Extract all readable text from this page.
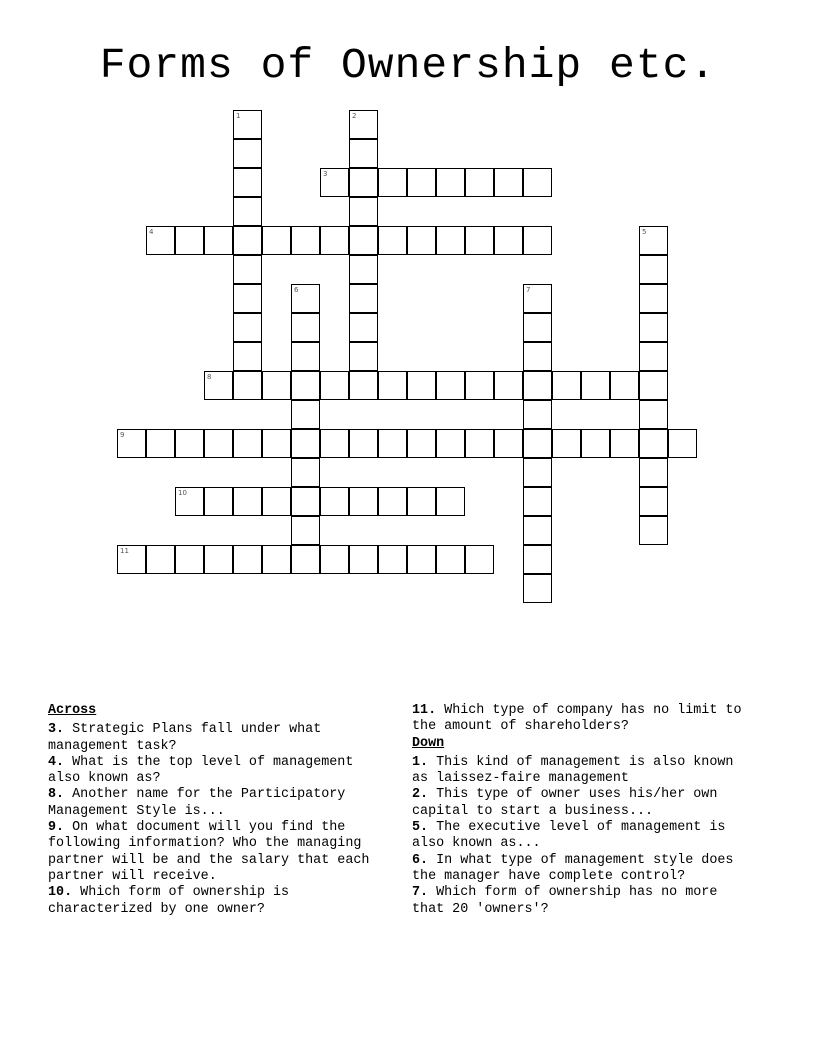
Forms of Ownership etc.
1	2
3
4	5
6	7
8
9
10
11
Across

3. Strategic Plans fall under what management task?

4. What is the top level of management also known as?

8. Another name for the Participatory Management Style is...

9. On what document will you find the following information? Who the managing partner will be and the salary that each partner will receive.

10. Which form of ownership is characterized by one owner?

11. Which type of company has no limit to the amount of shareholders?

Down

1. This kind of management is also known as laissez-faire management

2. This type of owner uses his/her own capital to start a business...

5. The executive level of management is also known as...

6. In what type of management style does the manager have complete control?

7. Which form of ownership has no more that 20 'owners'?
